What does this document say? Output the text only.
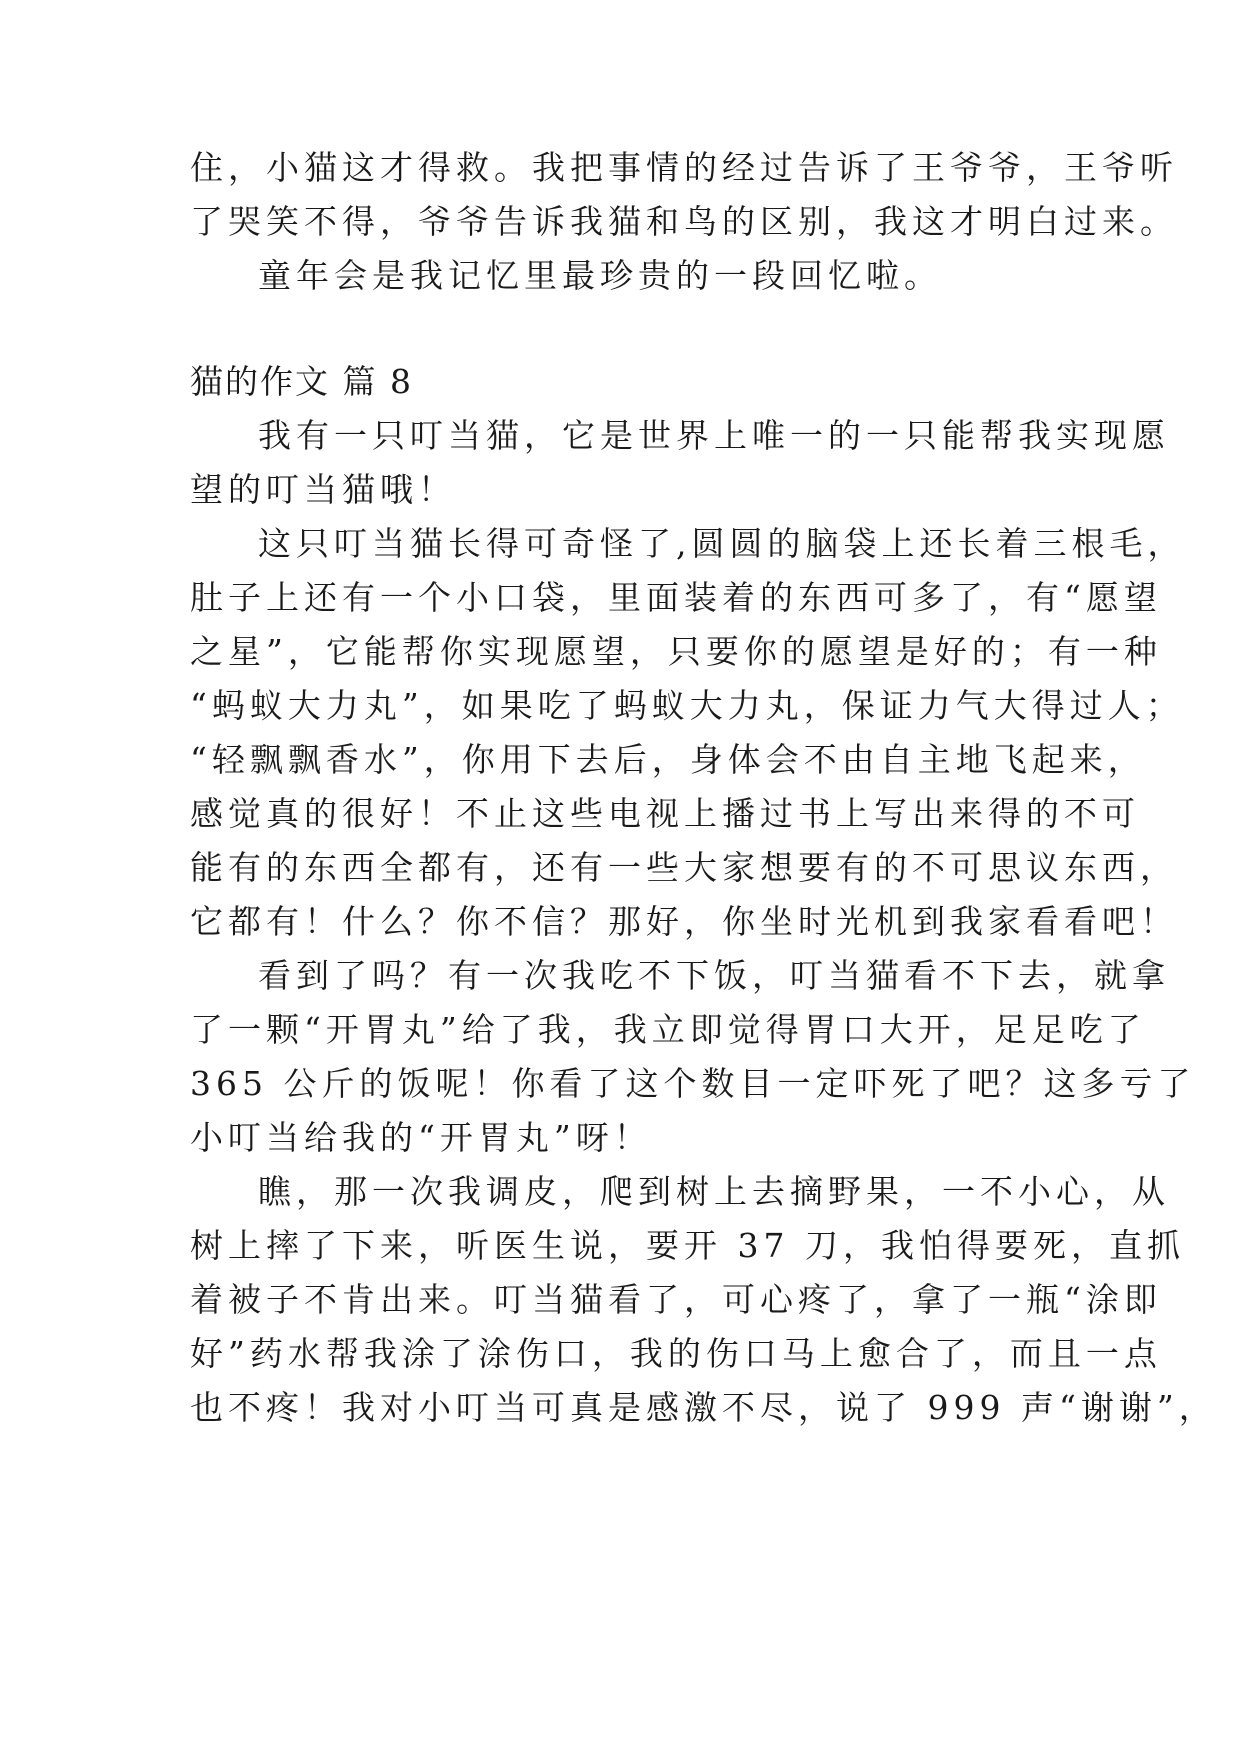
住，小猫这才得救。我把事情的经过告诉了王爷爷，王爷听
了哭笑不得，爷爷告诉我猫和鸟的区别，我这才明白过来。
童年会是我记忆里最珍贵的一段回忆啦。
猫的作文 篇 8
我有一只叮当猫，它是世界上唯一的一只能帮我实现愿
望的叮当猫哦！
这只叮当猫长得可奇怪了,圆圆的脑袋上还长着三根毛，
肚子上还有一个小口袋，里面装着的东西可多了，有“愿望
之星”，它能帮你实现愿望，只要你的愿望是好的；有一种
“蚂蚁大力丸”，如果吃了蚂蚁大力丸，保证力气大得过人；
“轻飘飘香水”，你用下去后，身体会不由自主地飞起来，
感觉真的很好！不止这些电视上播过书上写出来得的不可
能有的东西全都有，还有一些大家想要有的不可思议东西，
它都有！什么？你不信？那好，你坐时光机到我家看看吧！
看到了吗？有一次我吃不下饭，叮当猫看不下去，就拿
了一颗“开胃丸”给了我，我立即觉得胃口大开，足足吃了
365 公斤的饭呢！你看了这个数目一定吓死了吧？这多亏了
小叮当给我的“开胃丸”呀！
瞧，那一次我调皮，爬到树上去摘野果，一不小心，从
树上摔了下来，听医生说，要开 37 刀，我怕得要死，直抓
着被子不肯出来。叮当猫看了，可心疼了，拿了一瓶“涂即
好”药水帮我涂了涂伤口，我的伤口马上愈合了，而且一点
也不疼！我对小叮当可真是感激不尽，说了 999 声“谢谢”，
